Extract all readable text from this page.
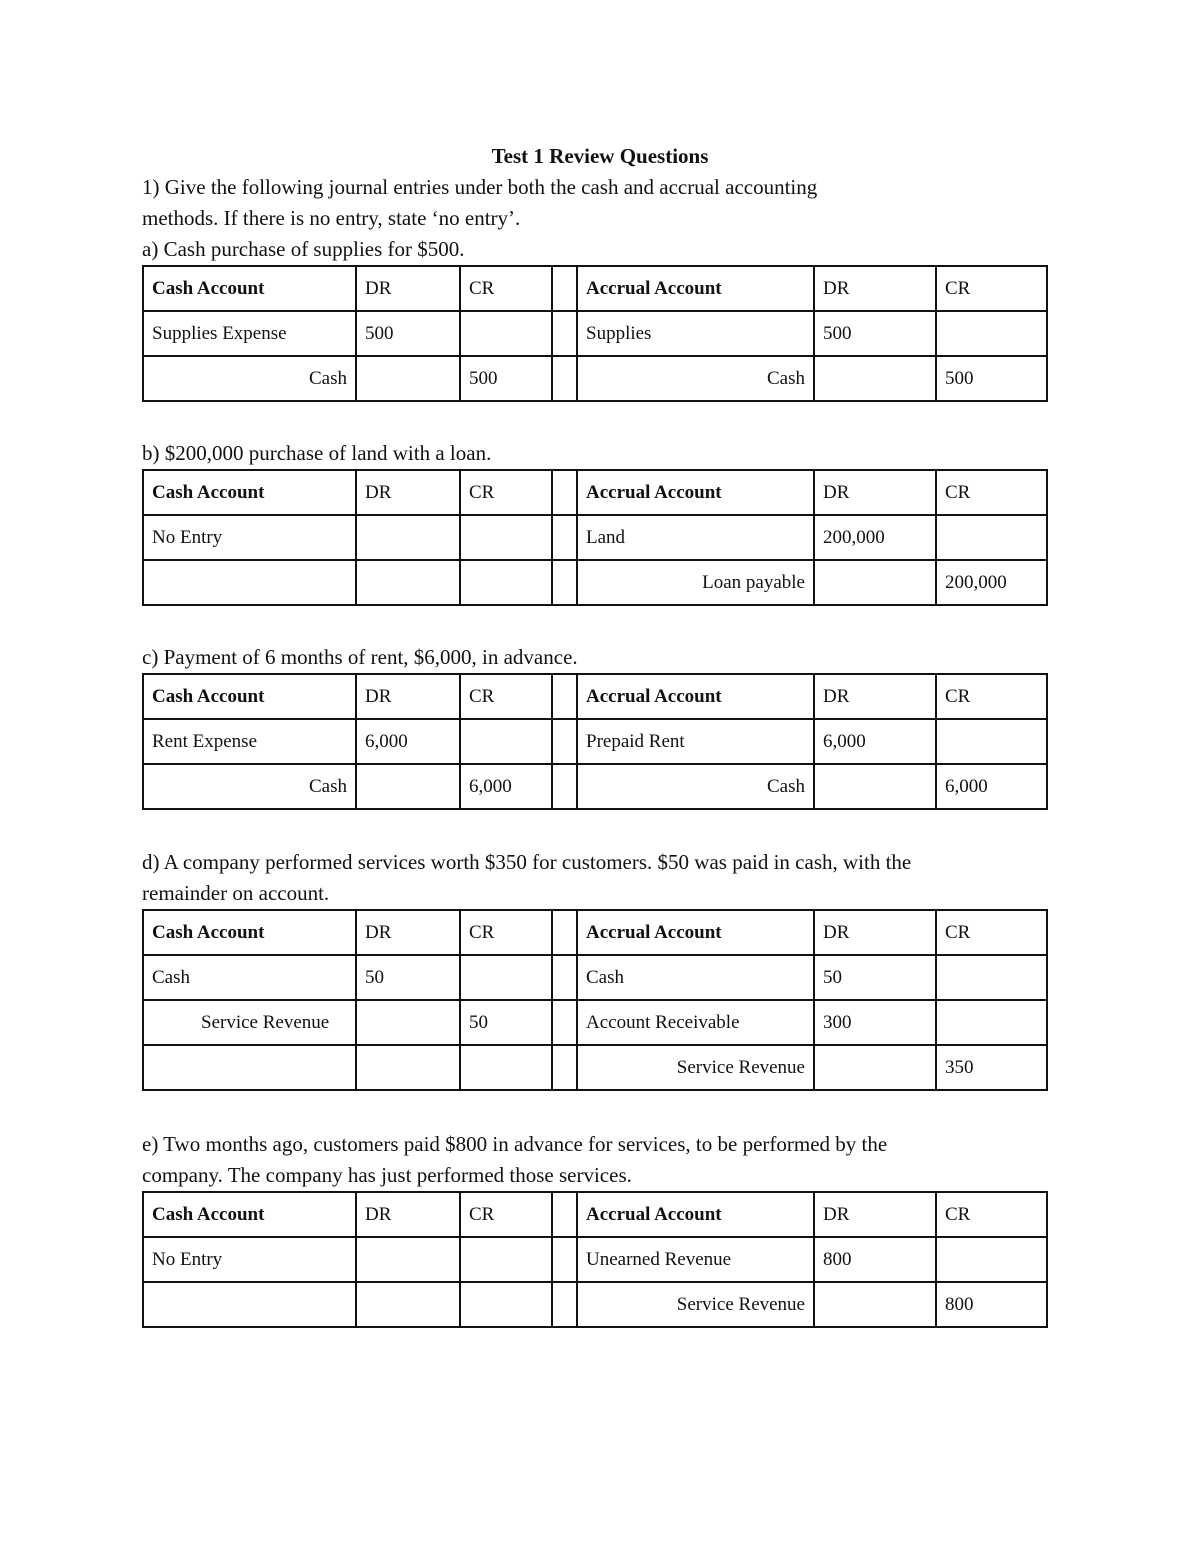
Test 1 Review Questions
1) Give the following journal entries under both the cash and accrual accounting
methods. If there is no entry, state ‘no entry’.
a) Cash purchase of supplies for $500.
Cash Account	DR	CR		Accrual Account	DR	CR
Supplies Expense	500			Supplies	500	
Cash		500		Cash		500
b) $200,000 purchase of land with a loan.
Cash Account	DR	CR		Accrual Account	DR	CR
No Entry				Land	200,000	
				Loan payable		200,000
c) Payment of 6 months of rent, $6,000, in advance.
Cash Account	DR	CR		Accrual Account	DR	CR
Rent Expense	6,000			Prepaid Rent	6,000	
Cash		6,000		Cash		6,000
d) A company performed services worth $350 for customers. $50 was paid in cash, with the
remainder on account.
Cash Account	DR	CR		Accrual Account	DR	CR
Cash	50			Cash	50	
Service Revenue		50		Account Receivable	300	
				Service Revenue		350
e) Two months ago, customers paid $800 in advance for services, to be performed by the
company. The company has just performed those services.
Cash Account	DR	CR		Accrual Account	DR	CR
No Entry				Unearned Revenue	800	
				Service Revenue		800
